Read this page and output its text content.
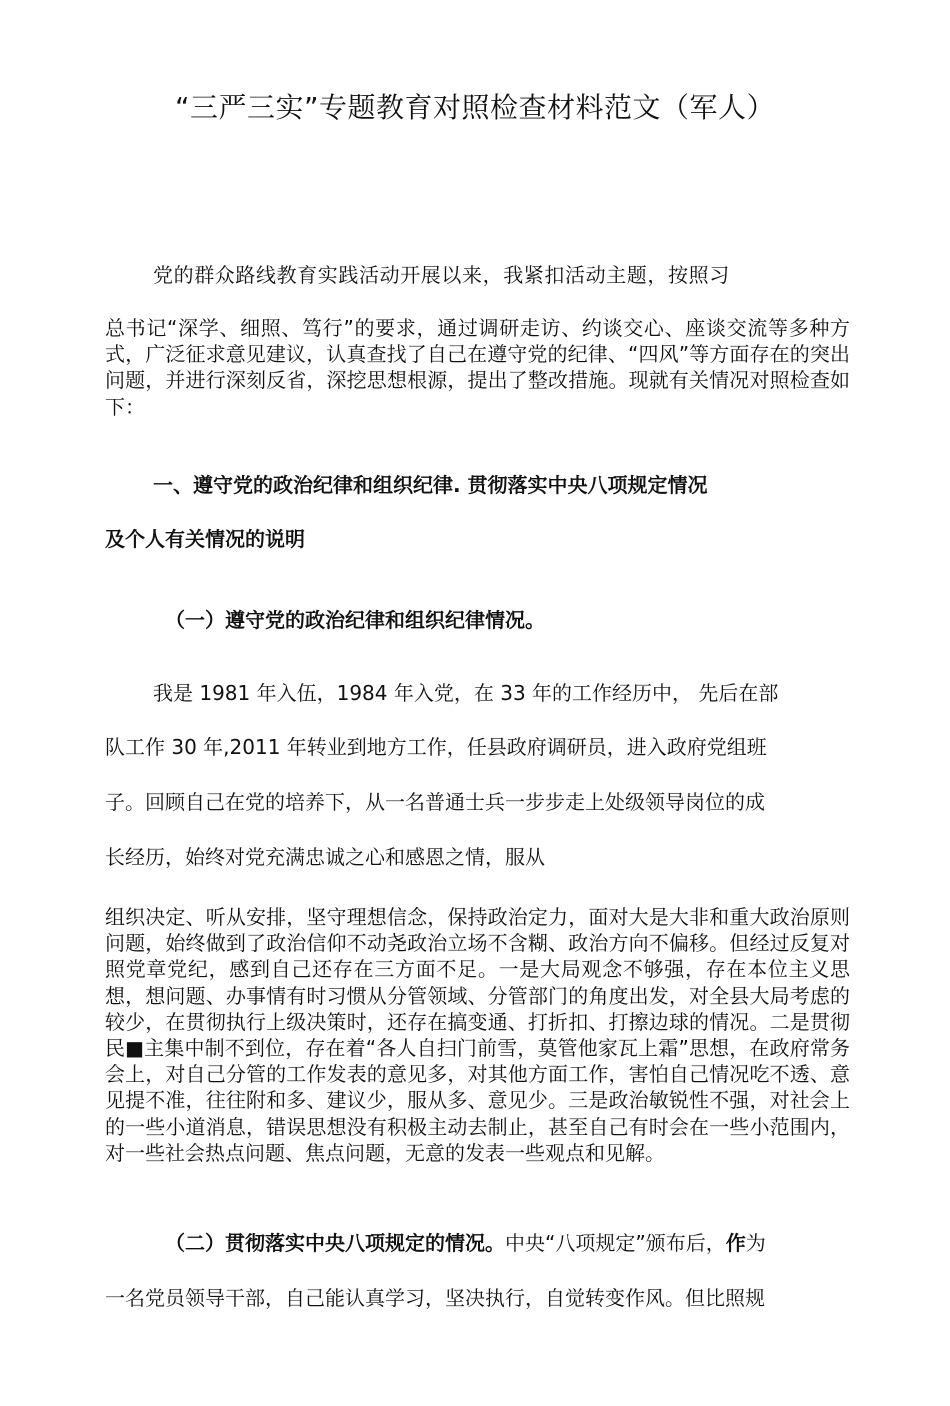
“三严三实”专题教育对照检查材料范文（军人）

党的群众路线教育实践活动开展以来，我紧扣活动主题，按照习

总书记“深学、细照、笃行”的要求，通过调研走访、约谈交心、座谈交流等多种方式，广泛征求意见建议，认真查找了自己在遵守党的纪律、“四风”等方面存在的突出问题，并进行深刻反省，深挖思想根源，提出了整改措施。现就有关情况对照检查如下：

一、遵守党的政治纪律和组织纪律. 贯彻落实中央八项规定情况

及个人有关情况的说明

（一）遵守党的政治纪律和组织纪律情况。

我是 1981 年入伍，1984 年入党，在 33 年的工作经历中， 先后在部

队工作 30 年,2011 年转业到地方工作，任县政府调研员，进入政府党组班

子。回顾自己在党的培养下，从一名普通士兵一步步走上处级领导岗位的成

长经历，始终对党充满忠诚之心和感恩之情，服从

组织决定、听从安排，坚守理想信念，保持政治定力，面对大是大非和重大政治原则问题，始终做到了政治信仰不动尧政治立场不含糊、政治方向不偏移。但经过反复对照党章党纪，感到自己还存在三方面不足。一是大局观念不够强，存在本位主义思想，想问题、办事情有时习惯从分管领域、分管部门的角度出发，对全县大局考虑的较少，在贯彻执行上级决策时，还存在搞变通、打折扣、打擦边球的情况。二是贯彻民■主集中制不到位，存在着“各人自扫门前雪，莫管他家瓦上霜”思想，在政府常务会上，对自己分管的工作发表的意见多，对其他方面工作，害怕自己情况吃不透、意见提不准，往往附和多、建议少，服从多、意见少。三是政治敏锐性不强，对社会上的一些小道消息，错误思想没有积极主动去制止，甚至自己有时会在一些小范围内，对一些社会热点问题、焦点问题，无意的发表一些观点和见解。

（二）贯彻落实中央八项规定的情况。中央“八项规定”颁布后，作为

一名党员领导干部，自己能认真学习，坚决执行，自觉转变作风。但比照规
